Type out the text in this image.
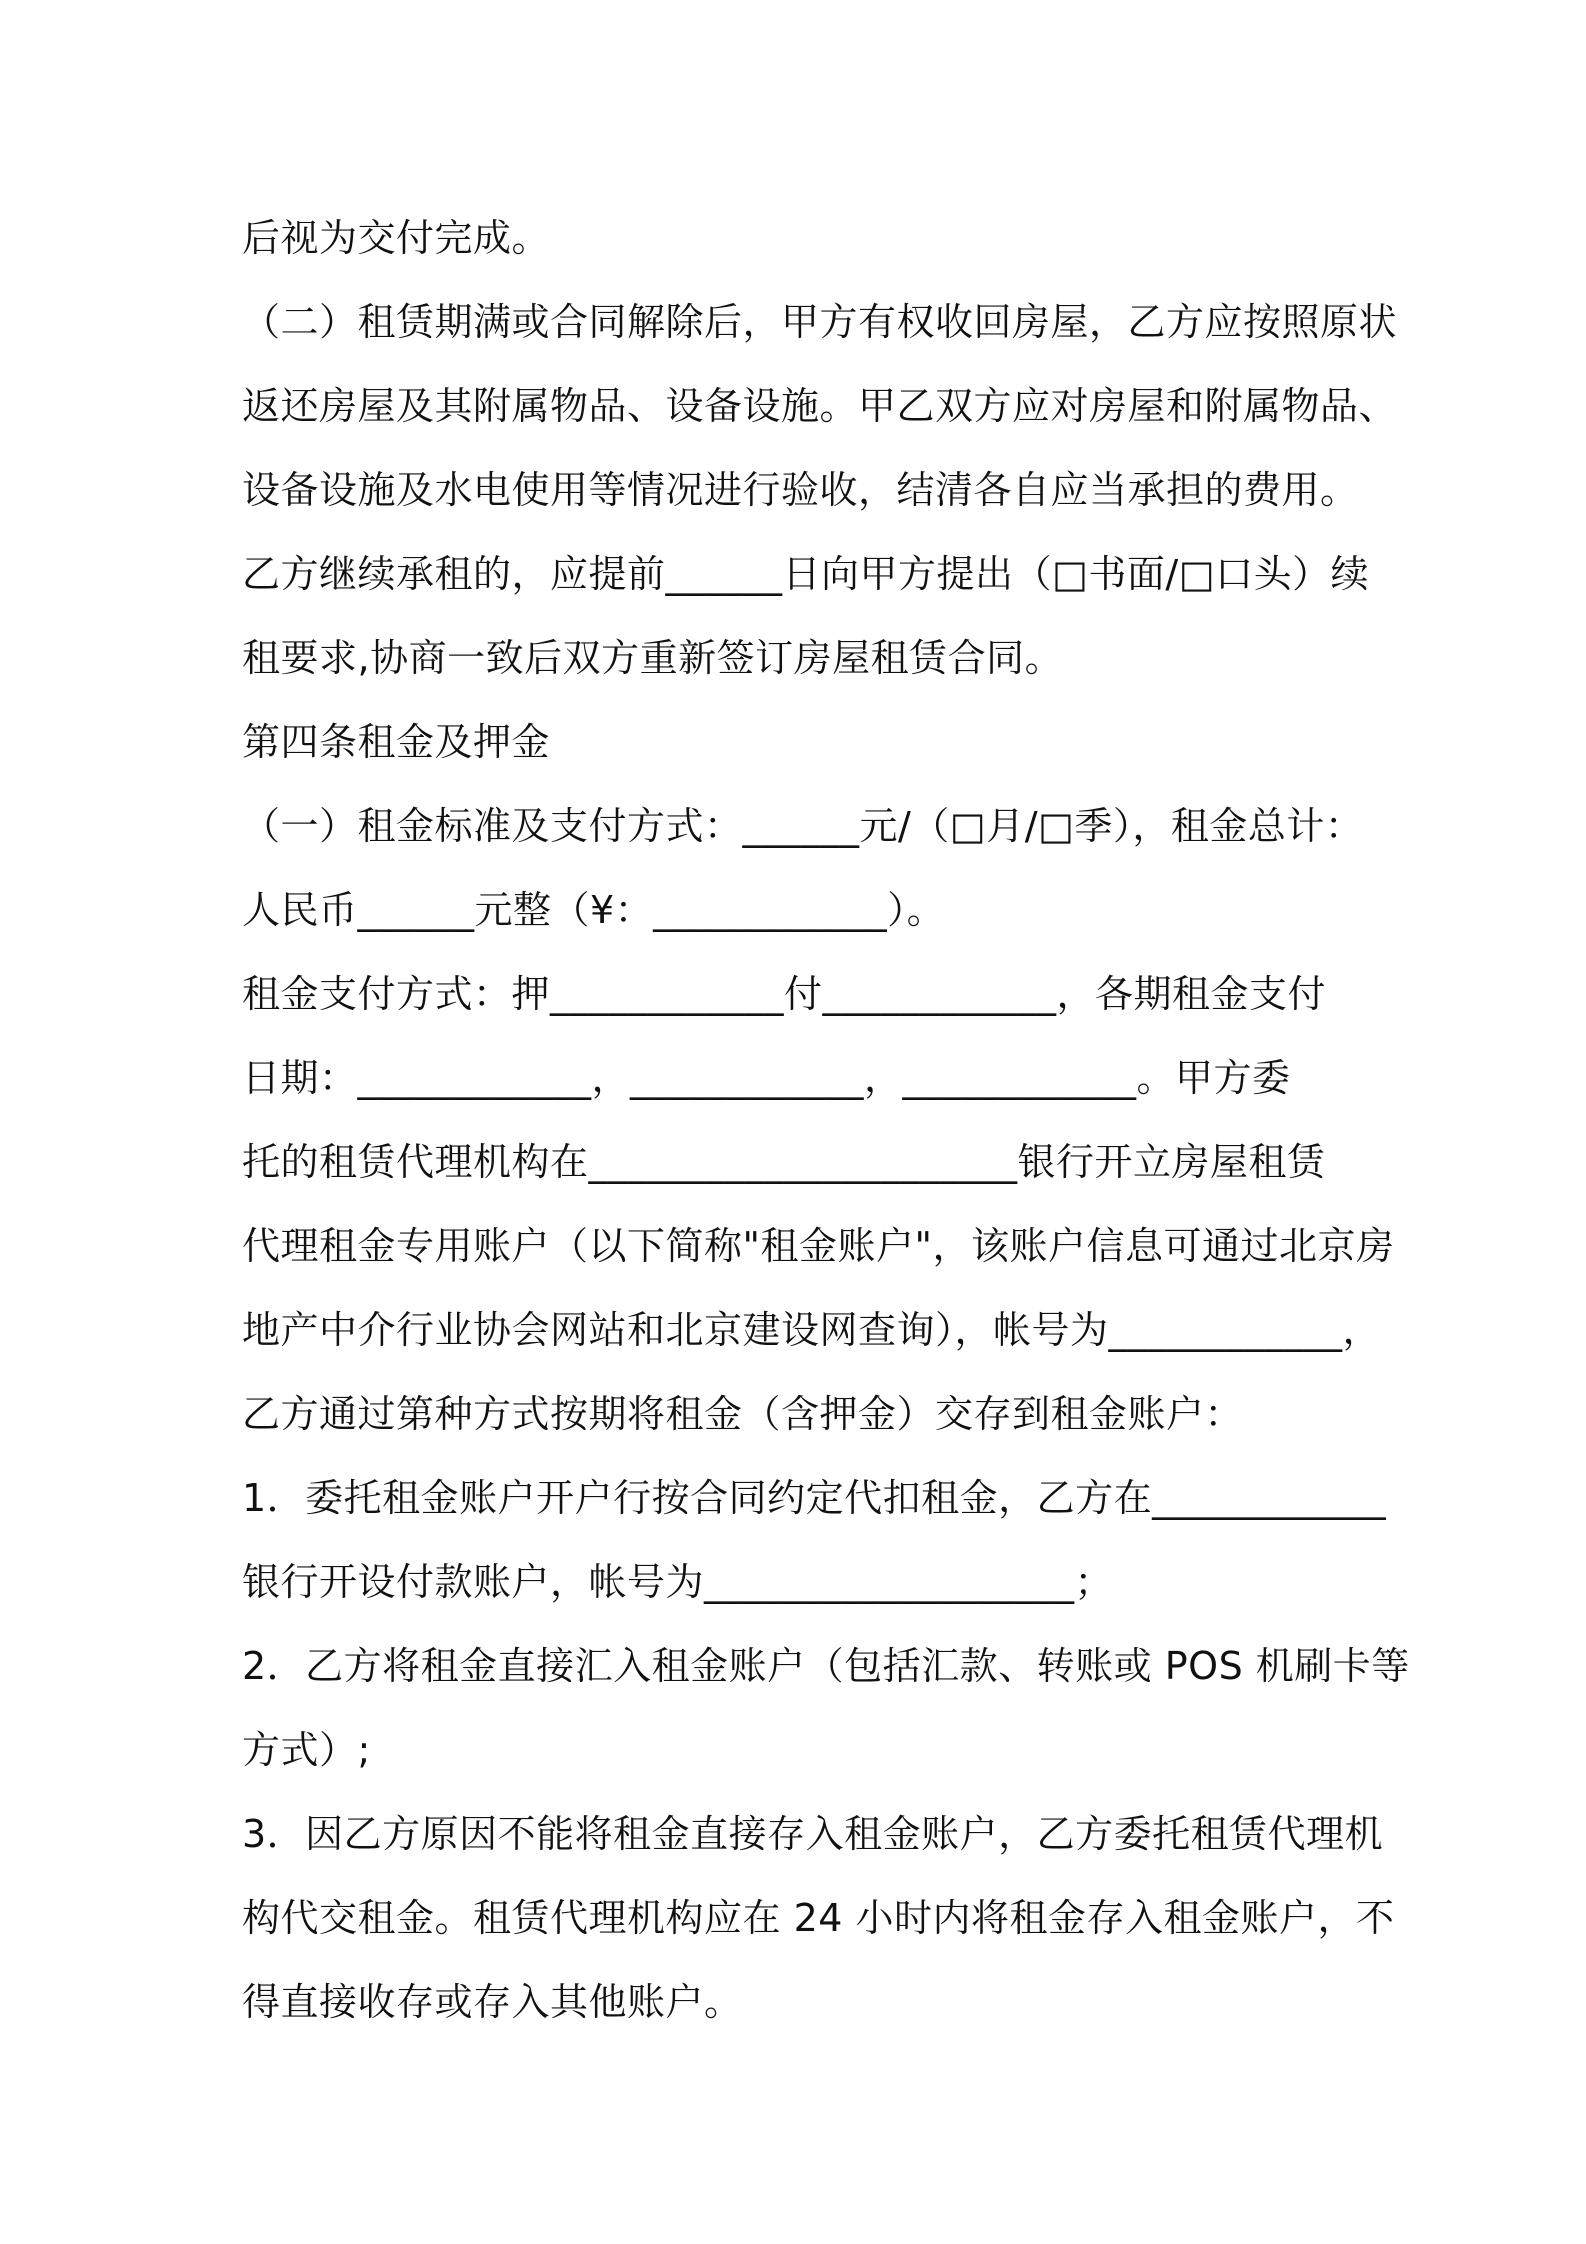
后视为交付完成。
（二）租赁期满或合同解除后，甲方有权收回房屋，乙方应按照原状
返还房屋及其附属物品、设备设施。甲乙双方应对房屋和附属物品、
设备设施及水电使用等情况进行验收，结清各自应当承担的费用。
乙方继续承租的，应提前______日向甲方提出（□书面/□口头）续
租要求,协商一致后双方重新签订房屋租赁合同。
第四条租金及押金
（一）租金标准及支付方式：______元/（□月/□季），租金总计：
人民币______元整（¥：____________）。
租金支付方式：押____________付____________，各期租金支付
日期：____________，____________，____________。甲方委
托的租赁代理机构在______________________银行开立房屋租赁
代理租金专用账户（以下简称"租金账户"，该账户信息可通过北京房
地产中介行业协会网站和北京建设网查询），帐号为____________，
乙方通过第种方式按期将租金（含押金）交存到租金账户：
1．委托租金账户开户行按合同约定代扣租金，乙方在____________
银行开设付款账户，帐号为___________________；
2．乙方将租金直接汇入租金账户（包括汇款、转账或 POS 机刷卡等
方式）;
3．因乙方原因不能将租金直接存入租金账户，乙方委托租赁代理机
构代交租金。租赁代理机构应在 24 小时内将租金存入租金账户，不
得直接收存或存入其他账户。
